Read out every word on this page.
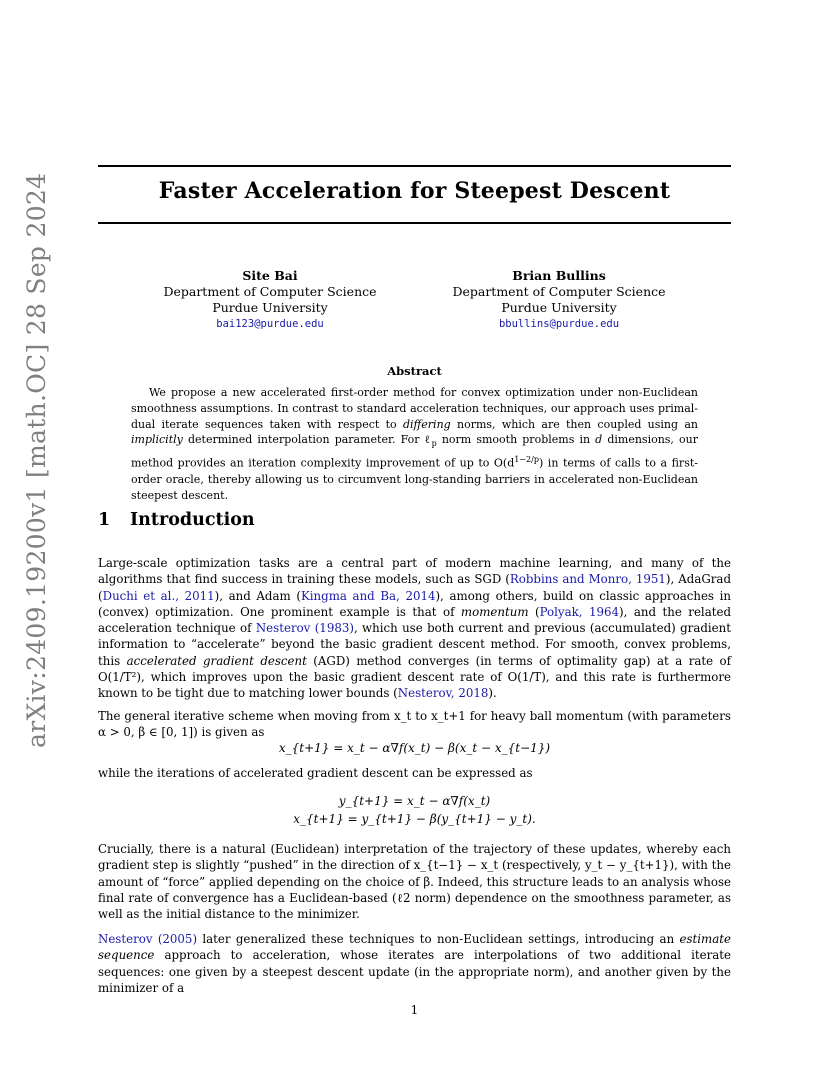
arXiv:2409.19200v1 [math.OC] 28 Sep 2024	Faster Acceleration for Steepest Descent
Site Bai
Department of Computer Science
Purdue University
bai123@purdue.edu
Brian Bullins
Department of Computer Science
Purdue University
bbullins@purdue.edu
Abstract
We propose a new accelerated first-order method for convex optimization under non-Euclidean smoothness assumptions. In contrast to standard acceleration techniques, our approach uses primal-dual iterate sequences taken with respect to differing norms, which are then coupled using an implicitly determined interpolation parameter. For ℓ$_p$ norm smooth problems in d dimensions, our method provides an iteration complexity improvement of up to $O(d^{1-2/p})$ in terms of calls to a first-order oracle, thereby allowing us to circumvent long-standing barriers in accelerated non-Euclidean steepest descent.
1 Introduction
Large-scale optimization tasks are a central part of modern machine learning, and many of the algorithms that find success in training these models, such as SGD (Robbins and Monro, 1951), AdaGrad (Duchi et al., 2011), and Adam (Kingma and Ba, 2014), among others, build on classic approaches in (convex) optimization. One prominent example is that of momentum (Polyak, 1964), and the related acceleration technique of Nesterov (1983), which use both current and previous (accumulated) gradient information to “accelerate” beyond the basic gradient descent method. For smooth, convex problems, this accelerated gradient descent (AGD) method converges (in terms of optimality gap) at a rate of O(1/T²), which improves upon the basic gradient descent rate of O(1/T), and this rate is furthermore known to be tight due to matching lower bounds (Nesterov, 2018).
The general iterative scheme when moving from x_t to x_t+1 for heavy ball momentum (with parameters α > 0, β ∈ [0, 1]) is given as
x_{t+1} = x_t − α∇f(x_t) − β(x_t − x_{t−1})
while the iterations of accelerated gradient descent can be expressed as
y_{t+1} = x_t − α∇f(x_t)
x_{t+1} = y_{t+1} − β(y_{t+1} − y_t).
Crucially, there is a natural (Euclidean) interpretation of the trajectory of these updates, whereby each gradient step is slightly “pushed” in the direction of x_{t−1} − x_t (respectively, y_t − y_{t+1}), with the amount of “force” applied depending on the choice of β. Indeed, this structure leads to an analysis whose final rate of convergence has a Euclidean-based (ℓ2 norm) dependence on the smoothness parameter, as well as the initial distance to the minimizer.
Nesterov (2005) later generalized these techniques to non-Euclidean settings, introducing an estimate sequence approach to acceleration, whose iterates are interpolations of two additional iterate sequences: one given by a steepest descent update (in the appropriate norm), and another given by the minimizer of a
1
